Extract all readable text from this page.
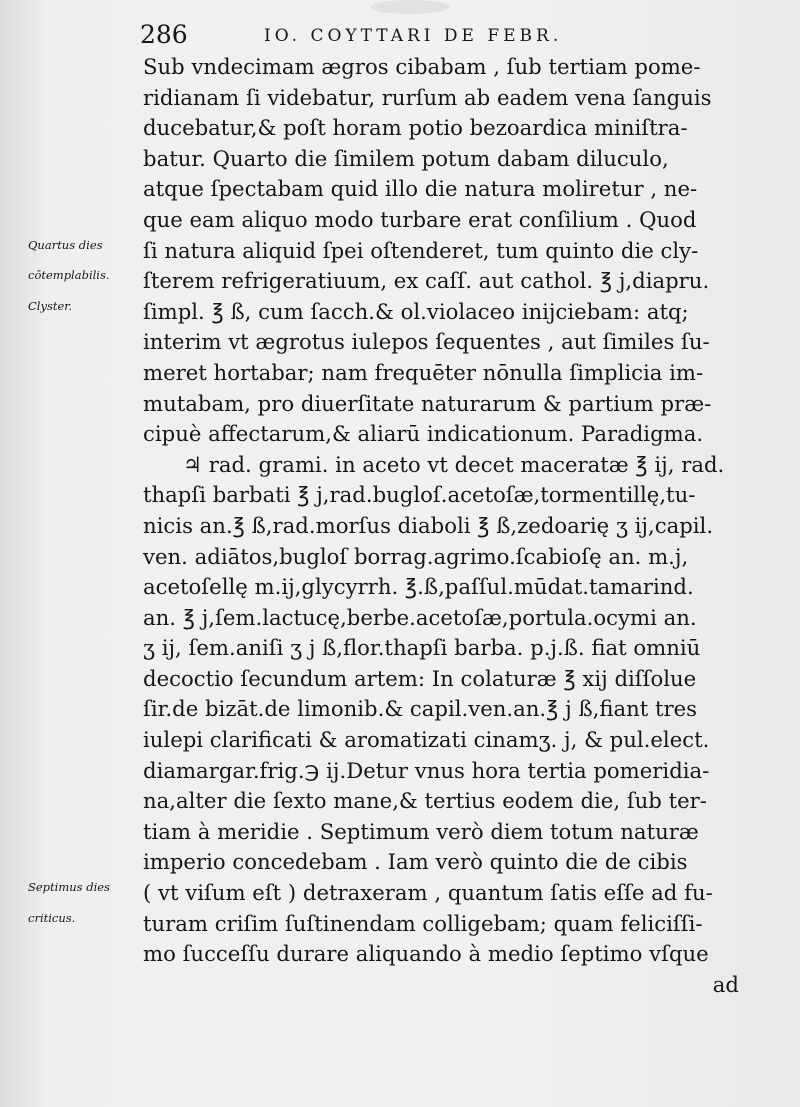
286	IO. COYTTARI DE FEBR.
Sub vndecimam ægros cibabam , ſub tertiam pome-
ridianam ſi videbatur, rurſum ab eadem vena ſanguis
ducebatur,& poſt horam potio bezoardica miniſtra-
batur. Quarto die ſimilem potum dabam diluculo,
atque ſpectabam quid illo die natura moliretur , ne-
que eam aliquo modo turbare erat conſilium . Quod
ſi natura aliquid ſpei oſtenderet, tum quinto die cly-
ſterem refrigeratiuum, ex caſſ. aut cathol. ℥ j,diapru.
ſimpl. ℥ ß, cum ſacch.& ol.violaceo inijciebam: atq;
interim vt ægrotus iulepos ſequentes , aut ſimiles ſu-
meret hortabar; nam frequēter nōnulla ſimplicia im-
mutabam, pro diuerſitate naturarum & partium præ-
cipuè affectarum,& aliarū indicationum. Paradigma.
♃ rad. grami. in aceto vt decet maceratæ ℥ ij, rad.
thapſi barbati ℥ j,rad.bugloſ.acetoſæ,tormentillę,tu-
nicis an.℥ ß,rad.morſus diaboli ℥ ß,zedoarię ʒ ij,capil.
ven. adiātos,bugloſ borrag.agrimo.ſcabioſę an. m.j,
acetoſellę m.ij,glycyrrh. ℥.ß,paſſul.mūdat.tamarind.
an. ℥ j,ſem.lactucę,berbe.acetoſæ,portula.ocymi an.
ʒ ij, ſem.aniſi ʒ j ß,flor.thapſi barba. p.j.ß. fiat omniū
decoctio ſecundum artem: In colaturæ ℥ xij diſſolue
ſir.de bizāt.de limonib.& capil.ven.an.℥ j ß,fiant tres
iulepi clarificati & aromatizati cinamʒ. j, & pul.elect.
diamargar.frig.℈ ij.Detur vnus hora tertia pomeridia-
na,alter die ſexto mane,& tertius eodem die, ſub ter-
tiam à meridie . Septimum verò diem totum naturæ
imperio concedebam . Iam verò quinto die de cibis
( vt viſum eſt ) detraxeram , quantum ſatis eſſe ad fu-
turam criſim ſuſtinendam colligebam; quam feliciſſi-
mo ſucceſſu durare aliquando à medio ſeptimo vſque
ad
Quartus dies
cōtemplabilis.
Clyster.
Septimus dies
criticus.
